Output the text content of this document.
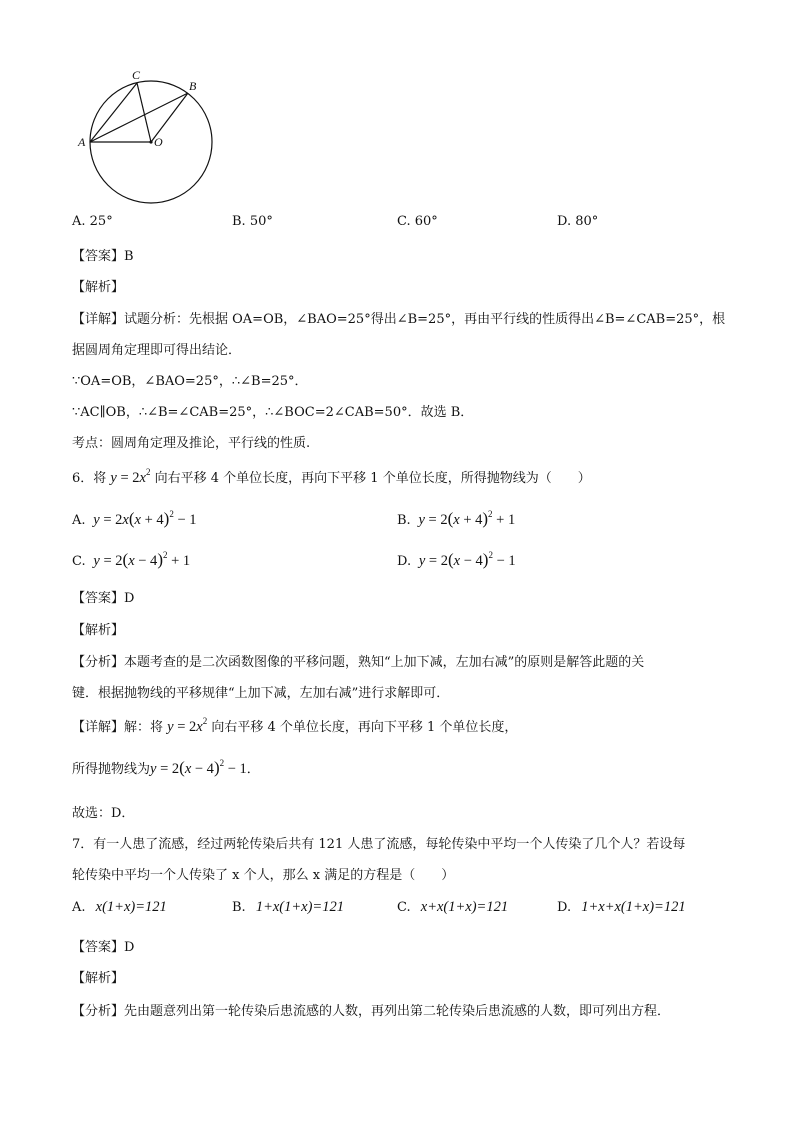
A
C
B
O
A. 25°	B. 50°	C. 60°	D. 80°
【答案】B
【解析】
【详解】试题分析：先根据 OA=OB，∠BAO=25°得出∠B=25°，再由平行线的性质得出∠B=∠CAB=25°，根
据圆周角定理即可得出结论．
∵OA=OB，∠BAO=25°，∴∠B=25°．
∵AC∥OB，∴∠B=∠CAB=25°，∴∠BOC=2∠CAB=50°．故选 B．
考点：圆周角定理及推论，平行线的性质.
6．将 $y = 2x^2$ 向右平移 4 个单位长度，再向下平移 1 个单位长度，所得抛物线为（　　）
A.  $y = 2x(x + 4)^2 - 1$	B.  $y = 2(x + 4)^2 + 1$
C.  $y = 2(x - 4)^2 + 1$	D.  $y = 2(x - 4)^2 - 1$
【答案】D
【解析】
【分析】本题考查的是二次函数图像的平移问题，熟知“上加下减，左加右减”的原则是解答此题的关
键．根据抛物线的平移规律“上加下减，左加右减”进行求解即可．
【详解】解：将 $y = 2x^2$ 向右平移 4 个单位长度，再向下平移 1 个单位长度，
所得抛物线为$y = 2(x - 4)^2 - 1$．
故选：D．
7．有一人患了流感，经过两轮传染后共有 121 人患了流感，每轮传染中平均一个人传染了几个人？若设每
轮传染中平均一个人传染了 x 个人，那么 x 满足的方程是（　　）
A. x(1+x)=121	B. 1+x(1+x)=121	C. x+x(1+x)=121	D. 1+x+x(1+x)=121
【答案】D
【解析】
【分析】先由题意列出第一轮传染后患流感的人数，再列出第二轮传染后患流感的人数，即可列出方程．
